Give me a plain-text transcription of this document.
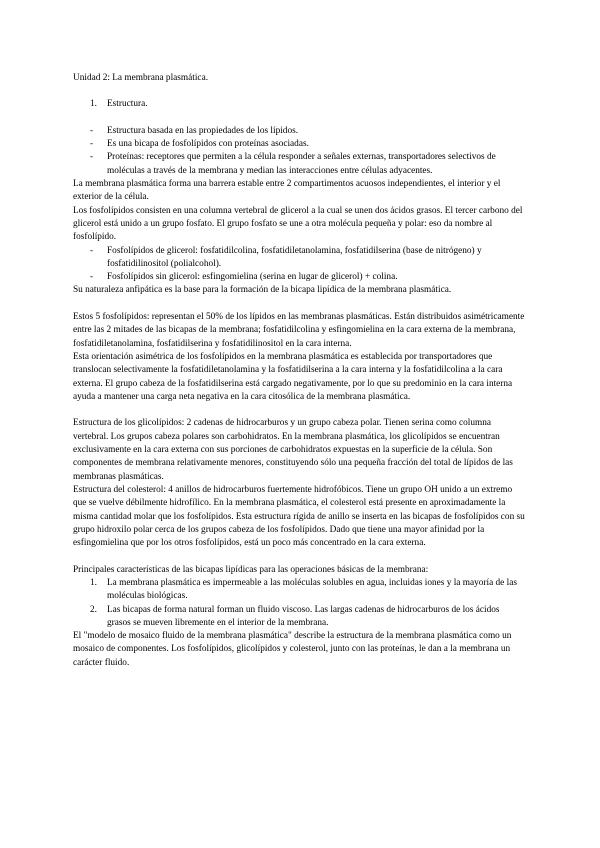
Unidad 2: La membrana plasmática.

1.	Estructura.
-	Estructura basada en las propiedades de los lípidos.
-	Es una bicapa de fosfolípidos con proteínas asociadas.
-	Proteínas: receptores que permiten a la célula responder a señales externas, transportadores selectivos de moléculas a través de la membrana y median las interacciones entre células adyacentes.

La membrana plasmática forma una barrera estable entre 2 compartimentos acuosos independientes, el interior y el exterior de la célula.

Los fosfolípidos consisten en una columna vertebral de glicerol a la cual se unen dos ácidos grasos. El tercer carbono del glicerol está unido a un grupo fosfato. El grupo fosfato se une a otra molécula pequeña y polar: eso da nombre al fosfolípido.

-	Fosfolípidos de glicerol: fosfatidilcolina, fosfatidiletanolamina, fosfatidilserina (base de nitrógeno) y fosfatidilinositol (polialcohol).
-	Fosfolípidos sin glicerol: esfingomielina (serina en lugar de glicerol) + colina.

Su naturaleza anfipática es la base para la formación de la bicapa lipídica de la membrana plasmática.

Estos 5 fosfolípidos: representan el 50% de los lípidos en las membranas plasmáticas. Están distribuidos asimétricamente entre las 2 mitades de las bicapas de la membrana; fosfatidilcolina y esfingomielina en la cara externa de la membrana, fosfatidiletanolamina, fosfatidilserina y fosfatidilinositol en la cara interna.

Esta orientación asimétrica de los fosfolípidos en la membrana plasmática es establecida por transportadores que translocan selectivamente la fosfatidiletanolamina y la fosfatidilserina a la cara interna y la fosfatidilcolina a la cara externa. El grupo cabeza de la fosfatidilserina está cargado negativamente, por lo que su predominio en la cara interna ayuda a mantener una carga neta negativa en la cara citosólica de la membrana plasmática.

Estructura de los glicolípidos: 2 cadenas de hidrocarburos y un grupo cabeza polar. Tienen serina como columna vertebral. Los grupos cabeza polares son carbohidratos. En la membrana plasmática, los glicolípidos se encuentran exclusivamente en la cara externa con sus porciones de carbohidratos expuestas en la superficie de la célula. Son componentes de membrana relativamente menores, constituyendo sólo una pequeña fracción del total de lípidos de las membranas plasmáticas.

Estructura del colesterol: 4 anillos de hidrocarburos fuertemente hidrofóbicos. Tiene un grupo OH unido a un extremo que se vuelve débilmente hidrofílico. En la membrana plasmática, el colesterol está presente en aproximadamente la misma cantidad molar que los fosfolípidos. Esta estructura rígida de anillo se inserta en las bicapas de fosfolípidos con su grupo hidroxilo polar cerca de los grupos cabeza de los fosfolípidos. Dado que tiene una mayor afinidad por la esfingomielina que por los otros fosfolípidos, está un poco más concentrado en la cara externa.

Principales características de las bicapas lipídicas para las operaciones básicas de la membrana:

1.	La membrana plasmática es impermeable a las moléculas solubles en agua, incluidas iones y la mayoría de las moléculas biológicas.
2.	Las bicapas de forma natural forman un fluido viscoso. Las largas cadenas de hidrocarburos de los ácidos grasos se mueven libremente en el interior de la membrana.

El "modelo de mosaico fluido de la membrana plasmática" describe la estructura de la membrana plasmática como un mosaico de componentes. Los fosfolípidos, glicolípidos y colesterol, junto con las proteínas, le dan a la membrana un carácter fluido.
